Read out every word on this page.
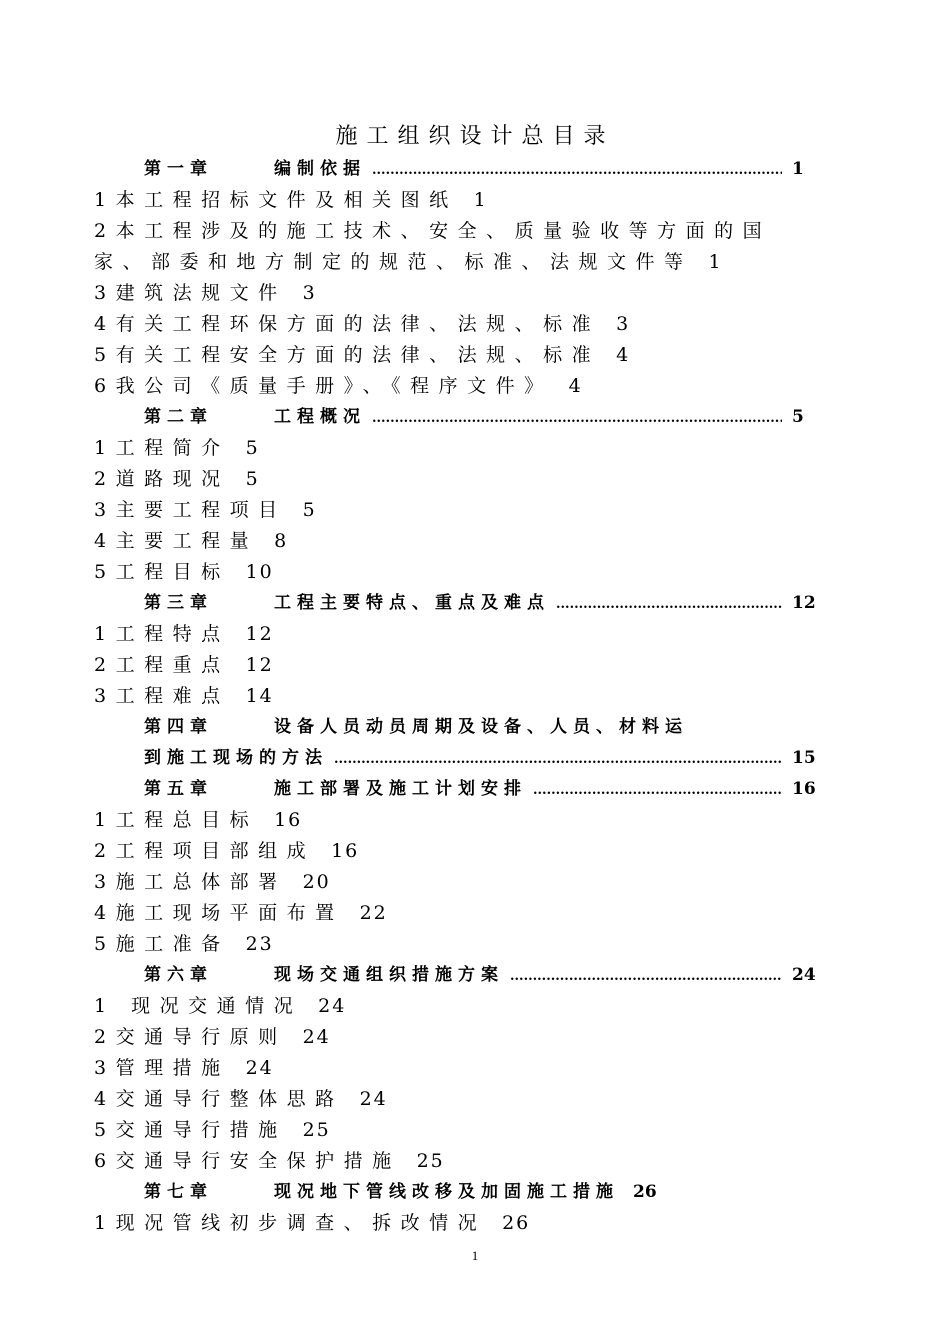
施工组织设计总目录
第一章	编制依据 .....	1
1本工程招标文件及相关图纸 1
2本工程涉及的施工技术、安全、质量验收等方面的国
家、部委和地方制定的规范、标准、法规文件等 1
3建筑法规文件 3
4有关工程环保方面的法律、法规、标准 3
5有关工程安全方面的法律、法规、标准 4
6我公司《质量手册》、《程序文件》 4
第二章	工程概况 .....	5
1工程简介 5
2道路现况 5
3主要工程项目 5
4主要工程量 8
5工程目标 10
第三章	工程主要特点、重点及难点 .....	12
1工程特点 12
2工程重点 12
3工程难点 14
第四章	设备人员动员周期及设备、人员、材料运
到施工现场的方法 .....	15
第五章	施工部署及施工计划安排 .....	16
1工程总目标 16
2工程项目部组成 16
3施工总体部署 20
4施工现场平面布置 22
5施工准备 23
第六章	现场交通组织措施方案 .....	24
1 现况交通情况 24
2交通导行原则 24
3管理措施 24
4交通导行整体思路 24
5交通导行措施 25
6交通导行安全保护措施 25
第七章	现况地下管线改移及加固施工措施 26
1现况管线初步调查、拆改情况 26
1
